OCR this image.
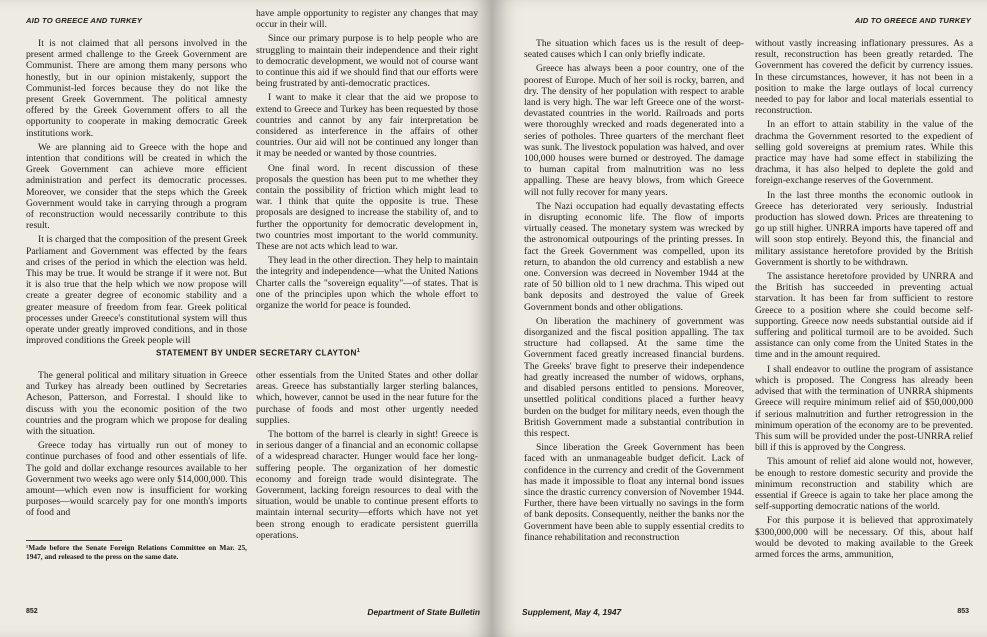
AID TO GREECE AND TURKEY

It is not claimed that all persons involved in the present armed challenge to the Greek Government are Communist. There are among them many persons who honestly, but in our opinion mistakenly, support the Communist-led forces because they do not like the present Greek Government. The political amnesty offered by the Greek Government offers to all the opportunity to cooperate in making democratic Greek institutions work.

We are planning aid to Greece with the hope and intention that conditions will be created in which the Greek Government can achieve more efficient administration and perfect its democratic processes. Moreover, we consider that the steps which the Greek Government would take in carrying through a program of reconstruction would necessarily contribute to this result.

It is charged that the composition of the present Greek Parliament and Government was effected by the fears and crises of the period in which the election was held. This may be true. It would be strange if it were not. But it is also true that the help which we now propose will create a greater degree of economic stability and a greater measure of freedom from fear. Greek political processes under Greece's constitutional system will thus operate under greatly improved conditions, and in those improved conditions the Greek people will

have ample opportunity to register any changes that may occur in their will.

Since our primary purpose is to help people who are struggling to maintain their independence and their right to democratic development, we would not of course want to continue this aid if we should find that our efforts were being frustrated by anti-democratic practices.

I want to make it clear that the aid we propose to extend to Greece and Turkey has been requested by those countries and cannot by any fair interpretation be considered as interference in the affairs of other countries. Our aid will not be continued any longer than it may be needed or wanted by those countries.

One final word. In recent discussion of these proposals the question has been put to me whether they contain the possibility of friction which might lead to war. I think that quite the opposite is true. These proposals are designed to increase the stability of, and to further the opportunity for democratic development in, two countries most important to the world community. These are not acts which lead to war.

They lead in the other direction. They help to maintain the integrity and independence—what the United Nations Charter calls the "sovereign equality"—of states. That is one of the principles upon which the whole effort to organize the world for peace is founded.

STATEMENT BY UNDER SECRETARY CLAYTON$^1$

The general political and military situation in Greece and Turkey has already been outlined by Secretaries Acheson, Patterson, and Forrestal. I should like to discuss with you the economic position of the two countries and the program which we propose for dealing with the situation.

Greece today has virtually run out of money to continue purchases of food and other essentials of life. The gold and dollar exchange resources available to her Government two weeks ago were only $14,000,000. This amount—which even now is insufficient for working purposes—would scarcely pay for one month's imports of food and

¹Made before the Senate Foreign Relations Committee on Mar. 25, 1947, and released to the press on the same date.

other essentials from the United States and other dollar areas. Greece has substantially larger sterling balances, which, however, cannot be used in the near future for the purchase of foods and most other urgently needed supplies.

The bottom of the barrel is clearly in sight! Greece is in serious danger of a financial and an economic collapse of a widespread character. Hunger would face her long-suffering people. The organization of her domestic economy and foreign trade would disintegrate. The Government, lacking foreign resources to deal with the situation, would be unable to continue present efforts to maintain internal security—efforts which have not yet been strong enough to eradicate persistent guerrilla operations.

852	Department of State Bulletin
AID TO GREECE AND TURKEY

The situation which faces us is the result of deep-seated causes which I can only briefly indicate.

Greece has always been a poor country, one of the poorest of Europe. Much of her soil is rocky, barren, and dry. The density of her population with respect to arable land is very high. The war left Greece one of the worst-devastated countries in the world. Railroads and ports were thoroughly wrecked and roads degenerated into a series of potholes. Three quarters of the merchant fleet was sunk. The livestock population was halved, and over 100,000 houses were burned or destroyed. The damage to human capital from malnutrition was no less appalling. These are heavy blows, from which Greece will not fully recover for many years.

The Nazi occupation had equally devastating effects in disrupting economic life. The flow of imports virtually ceased. The monetary system was wrecked by the astronomical outpourings of the printing presses. In fact the Greek Government was compelled, upon its return, to abandon the old currency and establish a new one. Conversion was decreed in November 1944 at the rate of 50 billion old to 1 new drachma. This wiped out bank deposits and destroyed the value of Greek Government bonds and other obligations.

On liberation the machinery of government was disorganized and the fiscal position appalling. The tax structure had collapsed. At the same time the Government faced greatly increased financial burdens. The Greeks' brave fight to preserve their independence had greatly increased the number of widows, orphans, and disabled persons entitled to pensions. Moreover, unsettled political conditions placed a further heavy burden on the budget for military needs, even though the British Government made a substantial contribution in this respect.

Since liberation the Greek Government has been faced with an unmanageable budget deficit. Lack of confidence in the currency and credit of the Government has made it impossible to float any internal bond issues since the drastic currency conversion of November 1944. Further, there have been virtually no savings in the form of bank deposits. Consequently, neither the banks nor the Government have been able to supply essential credits to finance rehabilitation and reconstruction

without vastly increasing inflationary pressures. As a result, reconstruction has been greatly retarded. The Government has covered the deficit by currency issues. In these circumstances, however, it has not been in a position to make the large outlays of local currency needed to pay for labor and local materials essential to reconstruction.

In an effort to attain stability in the value of the drachma the Government resorted to the expedient of selling gold sovereigns at premium rates. While this practice may have had some effect in stabilizing the drachma, it has also helped to deplete the gold and foreign-exchange reserves of the Government.

In the last three months the economic outlook in Greece has deteriorated very seriously. Industrial production has slowed down. Prices are threatening to go up still higher. UNRRA imports have tapered off and will soon stop entirely. Beyond this, the financial and military assistance heretofore provided by the British Government is shortly to be withdrawn.

The assistance heretofore provided by UNRRA and the British has succeeded in preventing actual starvation. It has been far from sufficient to restore Greece to a position where she could become self-supporting. Greece now needs substantial outside aid if suffering and political turmoil are to be avoided. Such assistance can only come from the United States in the time and in the amount required.

I shall endeavor to outline the program of assistance which is proposed. The Congress has already been advised that with the termination of UNRRA shipments Greece will require minimum relief aid of $50,000,000 if serious malnutrition and further retrogression in the minimum operation of the economy are to be prevented. This sum will be provided under the post-UNRRA relief bill if this is approved by the Congress.

This amount of relief aid alone would not, however, be enough to restore domestic security and provide the minimum reconstruction and stability which are essential if Greece is again to take her place among the self-supporting democratic nations of the world.

For this purpose it is believed that approximately $300,000,000 will be necessary. Of this, about half would be devoted to making available to the Greek armed forces the arms, ammunition,

Supplement, May 4, 1947	853
